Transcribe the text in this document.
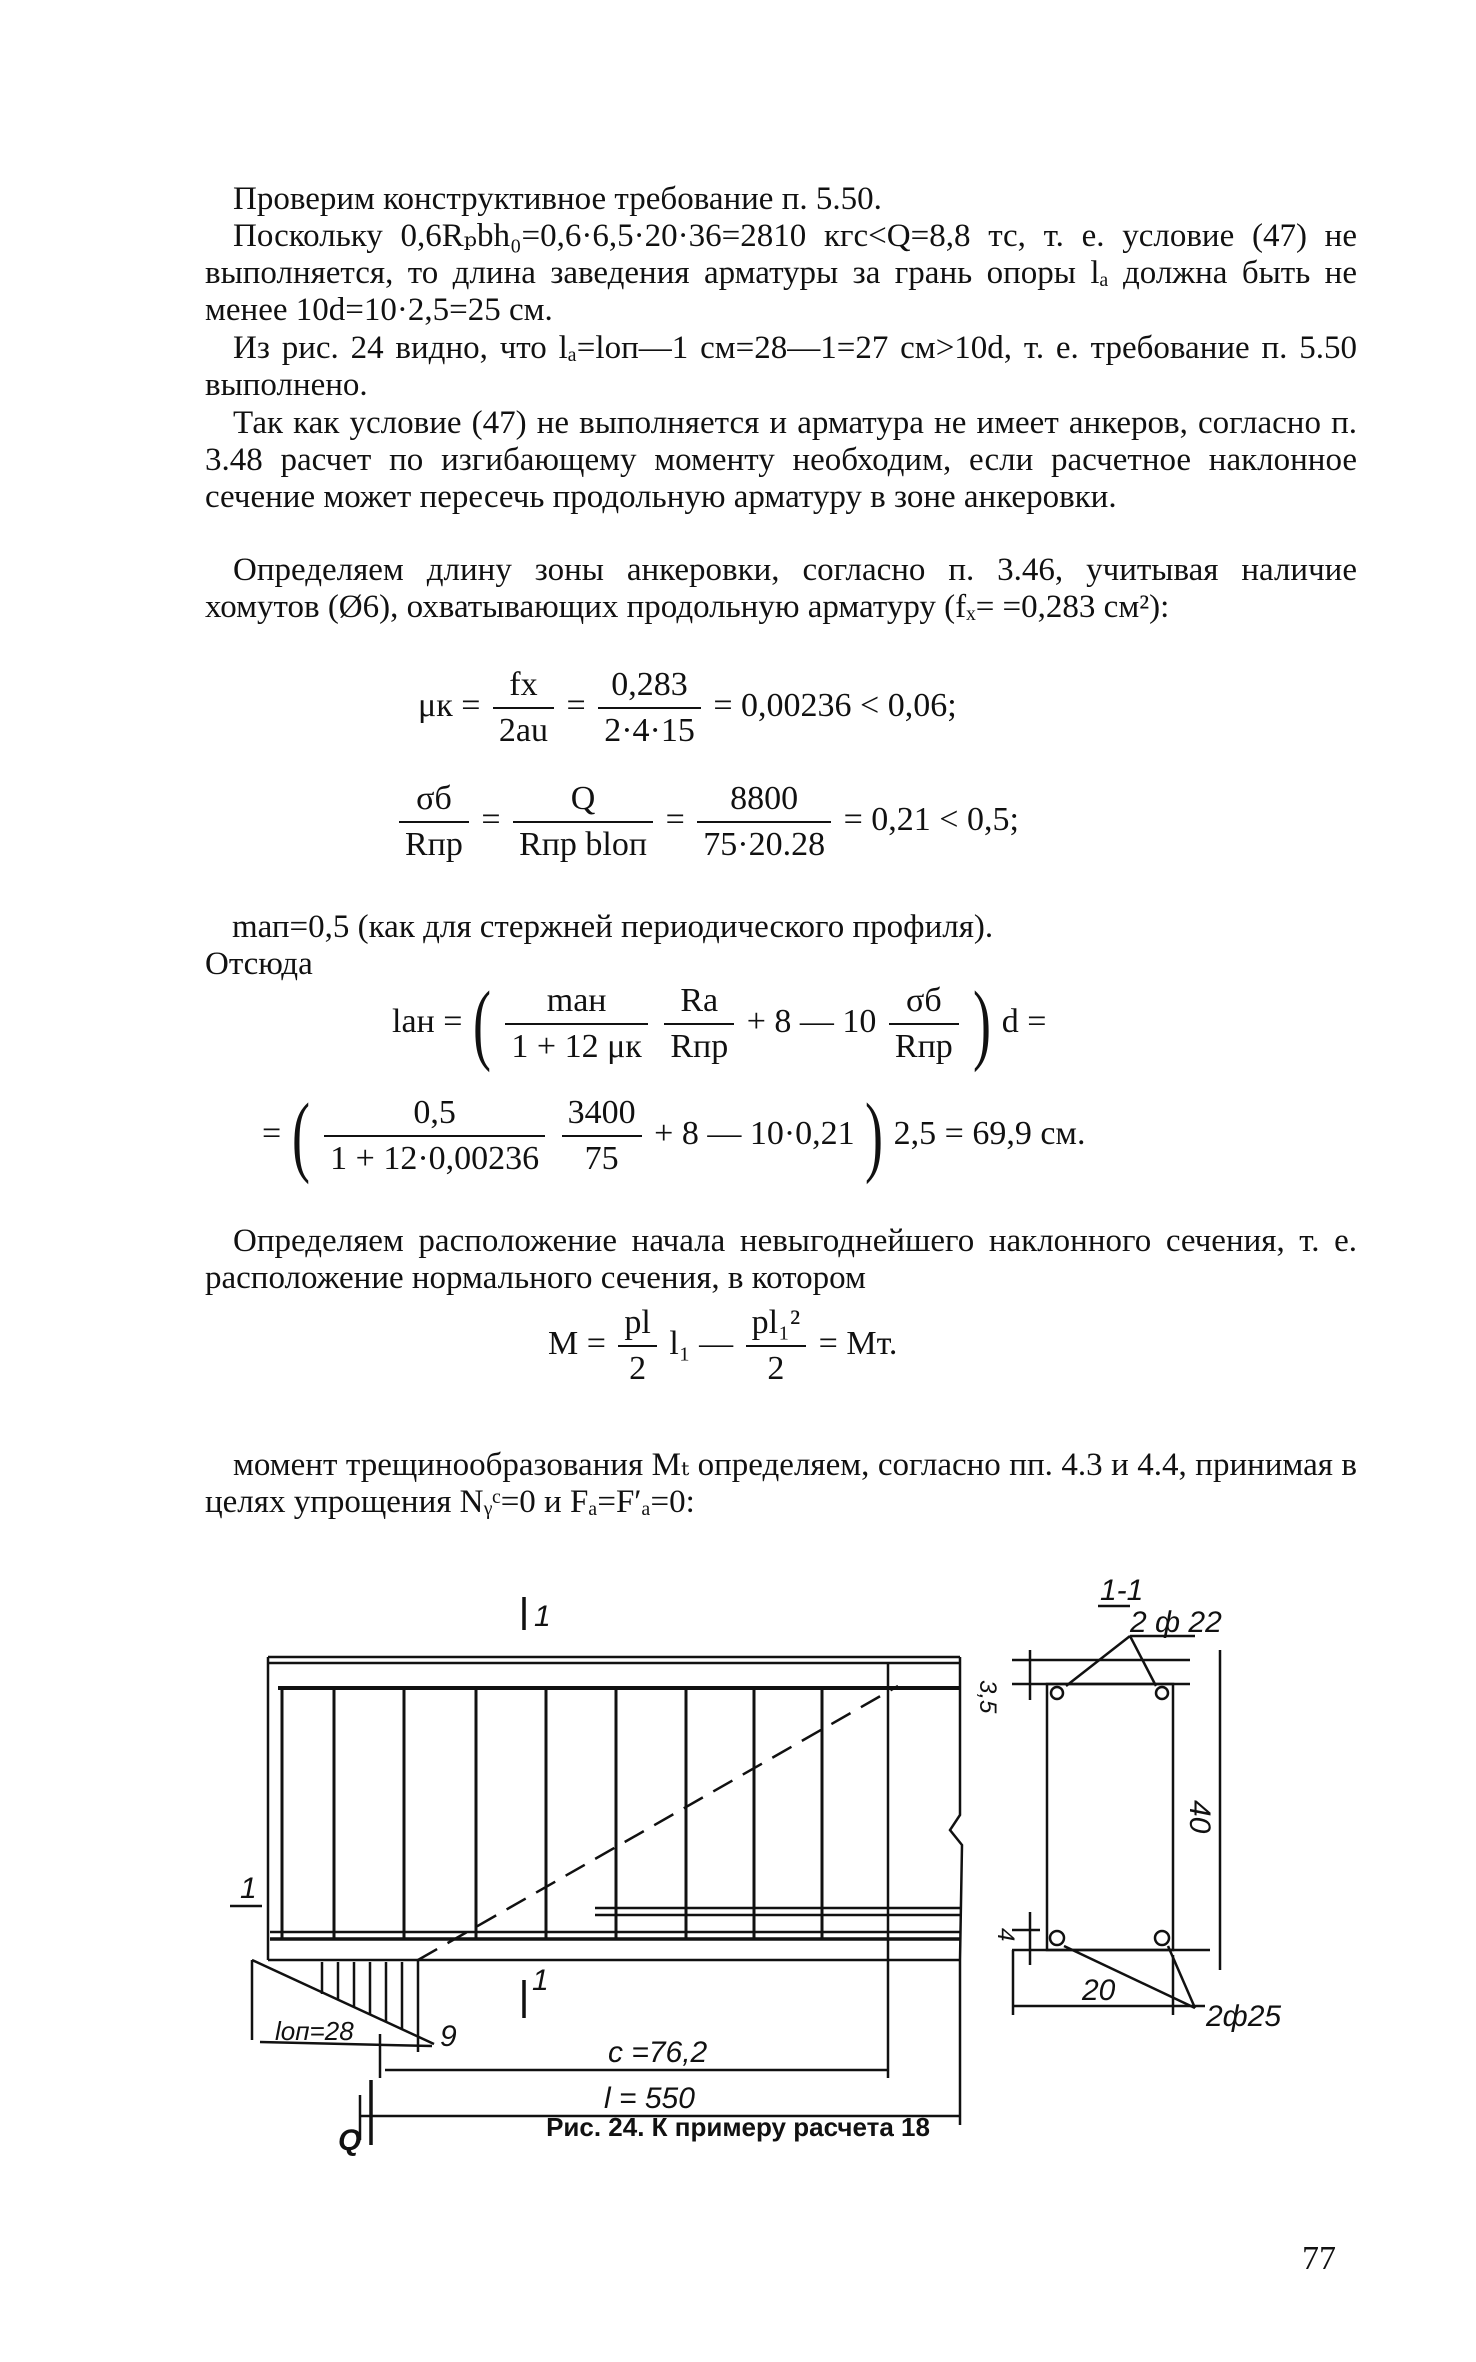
Проверим конструктивное требование п. 5.50.

Поскольку 0,6Rₚbh₀=0,6·6,5·20·36=2810 кгс<Q=8,8 тс, т. е. условие (47) не выполняется, то длина заведения арматуры за грань опоры lₐ должна быть не менее 10d=10·2,5=25 см.

Из рис. 24 видно, что lₐ=lоп—1 см=28—1=27 см>10d, т. е. требование п. 5.50 выполнено.

Так как условие (47) не выполняется и арматура не имеет анкеров, согласно п. 3.48 расчет по изгибающему моменту необходим, если расчетное наклонное сечение может пересечь продольную арматуру в зоне анкеровки.

Определяем длину зоны анкеровки, согласно п. 3.46, учитывая наличие хомутов (Ø6), охватывающих продольную арматуру (fₓ= =0,283 см²):

$\mu к = \frac{fх}{2au} = \frac{0,283}{2\cdot 4\cdot 15} = 0,00236 < 0,06$;
$\frac{\sigma б}{\text{Rпр}} = \frac{Q}{\text{Rпр blоп}} = \frac{8800}{75\cdot 20.28} = 0,21 < 0,5$;
mап=0,5 (как для стержней периодического профиля).
Отсюда
lан = ( $\frac{\text{mан}}{1 + 12 \mu к}$
$\frac{Rа}{\text{Rпр}} + 8$ — $10 \frac{\sigma б}{\text{Rпр}}$ ) d =
= ( $\frac{0,5}{1 + 12\cdot 0,00236}$
$\frac{3400}{75} + 8$ — 10·0,21 ) 2,5 = 69,9 см.

Определяем расположение начала невыгоднейшего наклонного сечения, т. е. расположение нормального сечения, в котором

$M = \frac{pl}{2} l_1$ — $\frac{\text{pl₁²}}{2}$ = Mт.

момент трещинообразования Mₜ определяем, согласно пп. 4.3 и 4.4, принимая в целях упрощения Nᵧᶜ=0 и Fₐ=F′ₐ=0:

1
1
1
1-1
2 ф 22
2ф25
3,5
40
4
20
lоп=28	9	c =76,2
l = 550
Q	Рис. 24. К примеру расчета 18
77
